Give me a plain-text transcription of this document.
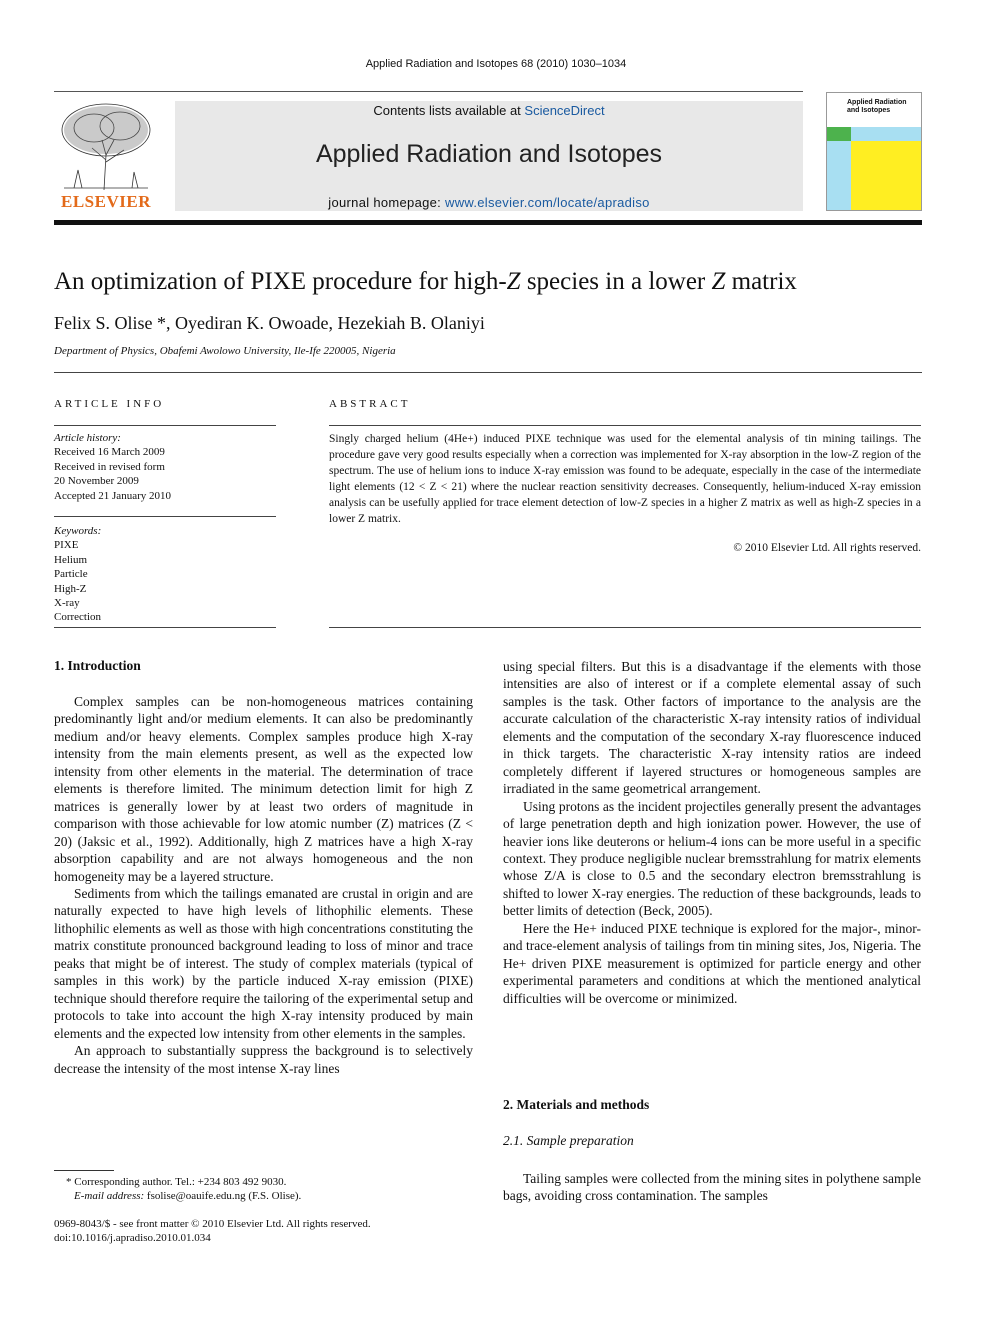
Applied Radiation and Isotopes 68 (2010) 1030–1034
ELSEVIER
Contents lists available at ScienceDirect
Applied Radiation and Isotopes
journal homepage: www.elsevier.com/locate/apradiso
Applied Radiation and Isotopes
An optimization of PIXE procedure for high-Z species in a lower Z matrix
Felix S. Olise *, Oyediran K. Owoade, Hezekiah B. Olaniyi
Department of Physics, Obafemi Awolowo University, Ile-Ife 220005, Nigeria
ARTICLE INFO
Article history:
Received 16 March 2009
Received in revised form
20 November 2009
Accepted 21 January 2010
Keywords:
PIXE
Helium
Particle
High-Z
X-ray
Correction
ABSTRACT
Singly charged helium (4He+) induced PIXE technique was used for the elemental analysis of tin mining tailings. The procedure gave very good results especially when a correction was implemented for X-ray absorption in the low-Z region of the spectrum. The use of helium ions to induce X-ray emission was found to be adequate, especially in the case of the intermediate light elements (12 < Z < 21) where the nuclear reaction sensitivity decreases. Consequently, helium-induced X-ray emission analysis can be usefully applied for trace element detection of low-Z species in a higher Z matrix as well as high-Z species in a lower Z matrix.
© 2010 Elsevier Ltd. All rights reserved.
1. Introduction

Complex samples can be non-homogeneous matrices containing predominantly light and/or medium elements. It can also be predominantly medium and/or heavy elements. Complex samples produce high X-ray intensity from the main elements present, as well as the expected low intensity from other elements in the material. The determination of trace elements is therefore limited. The minimum detection limit for high Z matrices is generally lower by at least two orders of magnitude in comparison with those achievable for low atomic number (Z) matrices (Z < 20) (Jaksic et al., 1992). Additionally, high Z matrices have a high X-ray absorption capability and are not always homogeneous and the non homogeneity may be a layered structure.

Sediments from which the tailings emanated are crustal in origin and are naturally expected to have high levels of lithophilic elements. These lithophilic elements as well as those with high concentrations constituting the matrix constitute pronounced background leading to loss of minor and trace peaks that might be of interest. The study of complex materials (typical of samples in this work) by the particle induced X-ray emission (PIXE) technique should therefore require the tailoring of the experimental setup and protocols to take into account the high X-ray intensity produced by main elements and the expected low intensity from other elements in the samples.

An approach to substantially suppress the background is to selectively decrease the intensity of the most intense X-ray lines

using special filters. But this is a disadvantage if the elements with those intensities are also of interest or if a complete elemental assay of such samples is the task. Other factors of importance to the analysis are the accurate calculation of the characteristic X-ray intensity ratios of individual elements and the computation of the secondary X-ray fluorescence induced in thick targets. The characteristic X-ray intensity ratios are indeed completely different if layered structures or homogeneous samples are irradiated in the same geometrical arrangement.

Using protons as the incident projectiles generally present the advantages of large penetration depth and high ionization power. However, the use of heavier ions like deuterons or helium-4 ions can be more useful in a specific context. They produce negligible nuclear bremsstrahlung for matrix elements whose Z/A is close to 0.5 and the secondary electron bremsstrahlung is shifted to lower X-ray energies. The reduction of these backgrounds, leads to better limits of detection (Beck, 2005).

Here the He+ induced PIXE technique is explored for the major-, minor- and trace-element analysis of tailings from tin mining sites, Jos, Nigeria. The He+ driven PIXE measurement is optimized for particle energy and other experimental parameters and conditions at which the mentioned analytical difficulties will be overcome or minimized.

2. Materials and methods
2.1. Sample preparation

Tailing samples were collected from the mining sites in polythene sample bags, avoiding cross contamination. The samples

* Corresponding author. Tel.: +234 803 492 9030.
E-mail address: fsolise@oauife.edu.ng (F.S. Olise).
0969-8043/$ - see front matter © 2010 Elsevier Ltd. All rights reserved.
doi:10.1016/j.apradiso.2010.01.034
